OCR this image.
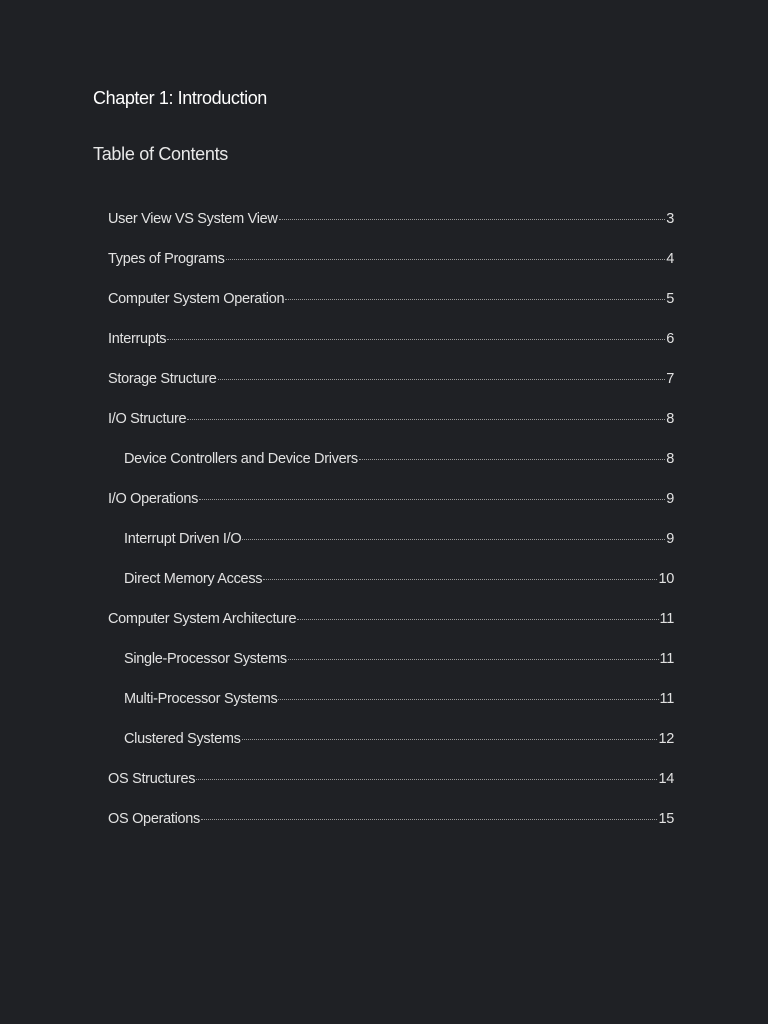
Chapter 1: Introduction
Table of Contents
User View VS System View	3
Types of Programs	4
Computer System Operation	5
Interrupts	6
Storage Structure	7
I/O Structure	8
Device Controllers and Device Drivers	8
I/O Operations	9
Interrupt Driven I/O	9
Direct Memory Access	10
Computer System Architecture	11
Single-Processor Systems	11
Multi-Processor Systems	11
Clustered Systems	12
OS Structures	14
OS Operations	15
